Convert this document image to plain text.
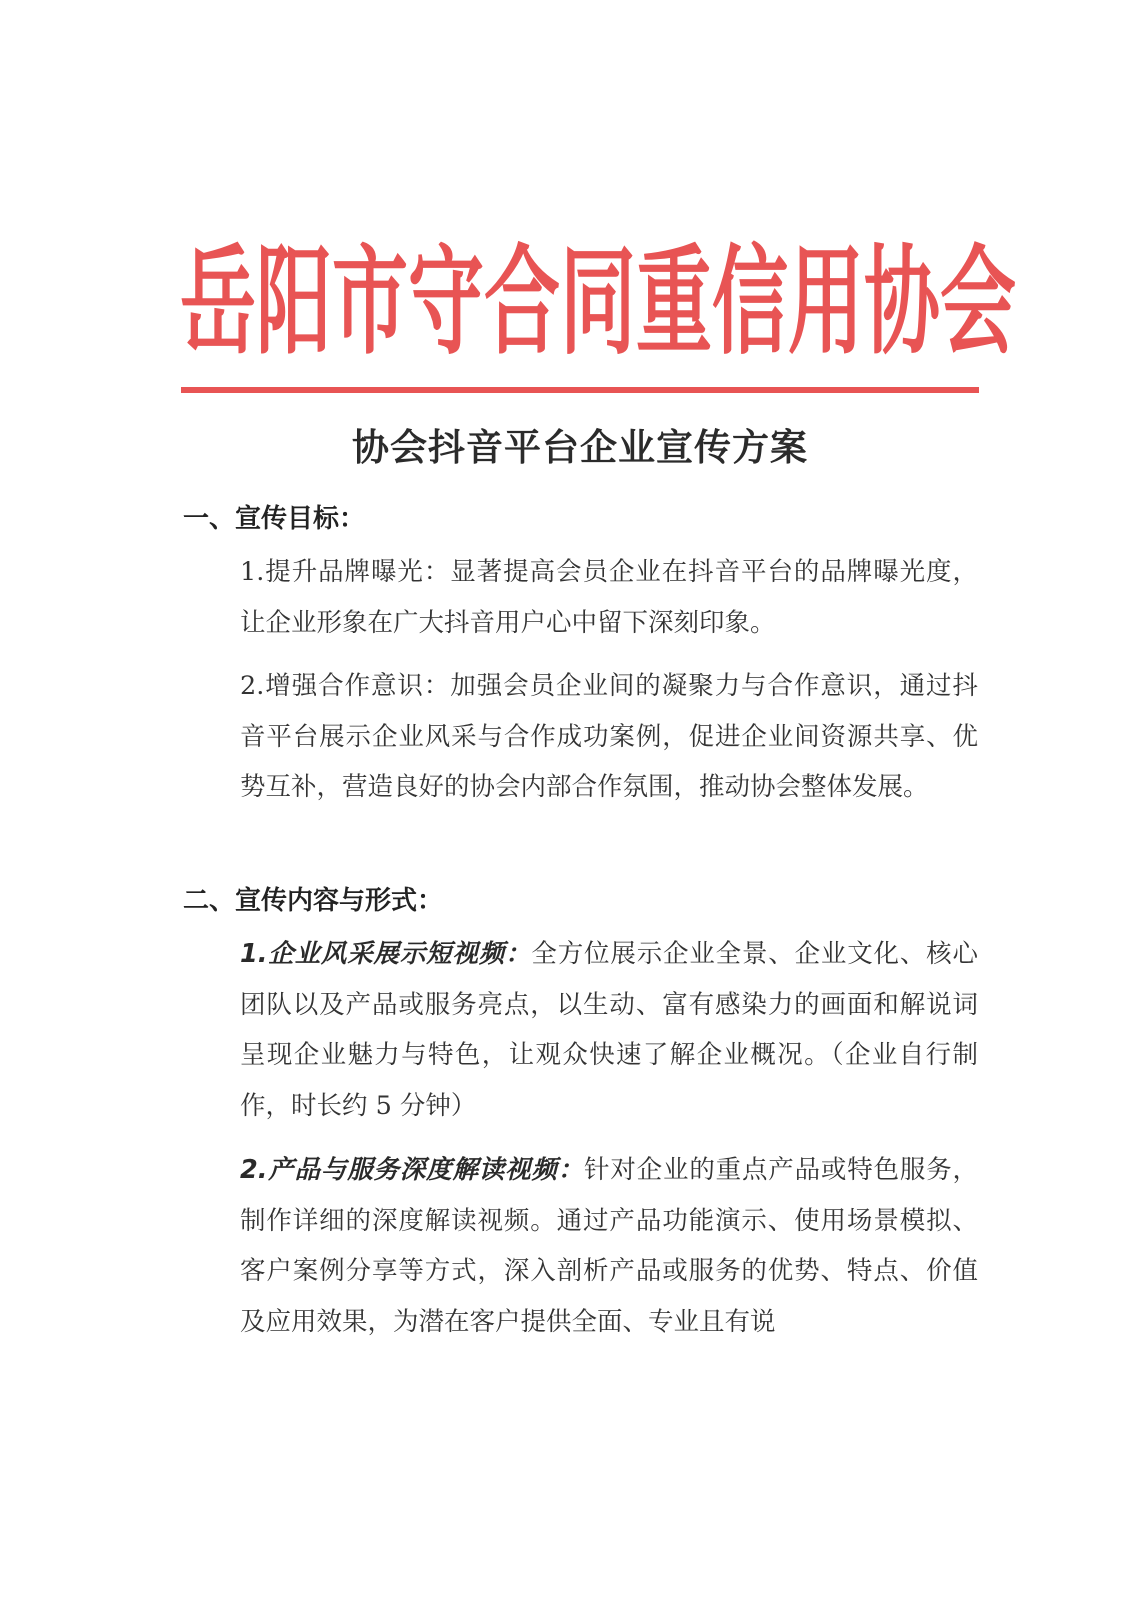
岳 阳 市 守 合 同 重 信 用 协 会
协会抖音平台企业宣传方案
一、宣传目标：

1.提升品牌曝光：显著提高会员企业在抖音平台的品牌曝光度，让企业形象在广大抖音用户心中留下深刻印象。

2.增强合作意识：加强会员企业间的凝聚力与合作意识，通过抖音平台展示企业风采与合作成功案例，促进企业间资源共享、优势互补，营造良好的协会内部合作氛围，推动协会整体发展。

二、宣传内容与形式：

1.企业风采展示短视频：全方位展示企业全景、企业文化、核心团队以及产品或服务亮点，以生动、富有感染力的画面和解说词呈现企业魅力与特色，让观众快速了解企业概况。（企业自行制作，时长约 5 分钟）

2.产品与服务深度解读视频：针对企业的重点产品或特色服务，制作详细的深度解读视频。通过产品功能演示、使用场景模拟、客户案例分享等方式，深入剖析产品或服务的优势、特点、价值及应用效果，为潜在客户提供全面、专业且有说
